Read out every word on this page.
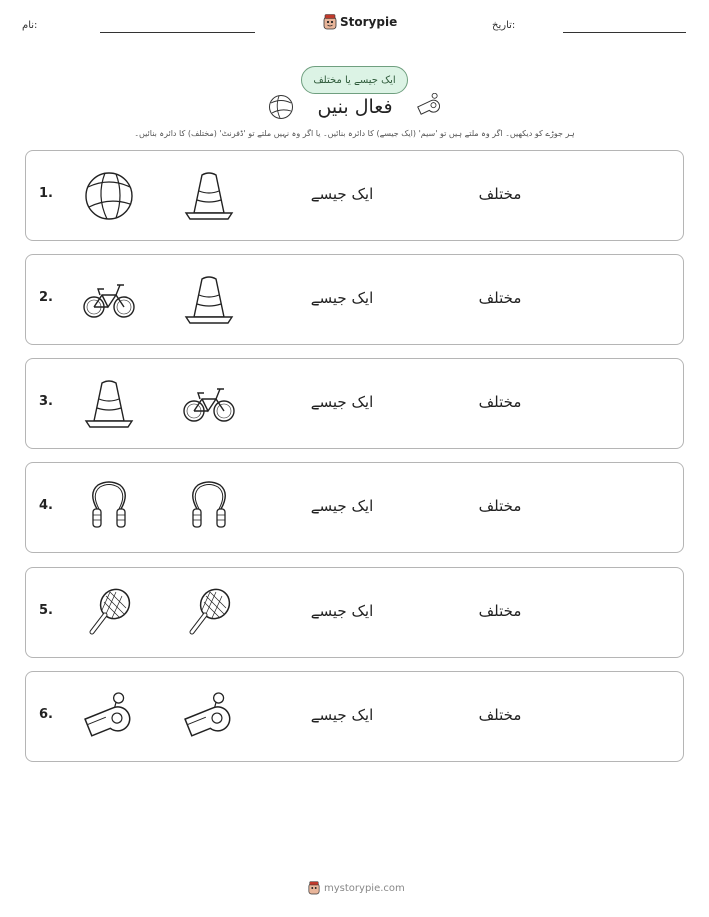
نام:	Storypie	تاریخ:
ایک جیسے یا مختلف
فعال بنیں
ہر جوڑے کو دیکھیں۔ اگر وہ ملتے ہیں تو 'سیم' (ایک جیسے) کا دائرہ بنائیں۔ یا اگر وہ نہیں ملتے تو 'ڈفرنٹ' (مختلف) کا دائرہ بنائیں۔
1.	ایک جیسے	مختلف
2.	ایک جیسے	مختلف
3.	ایک جیسے	مختلف
4.	ایک جیسے	مختلف
5.	ایک جیسے	مختلف
6.	ایک جیسے	مختلف
mystorypie.com
